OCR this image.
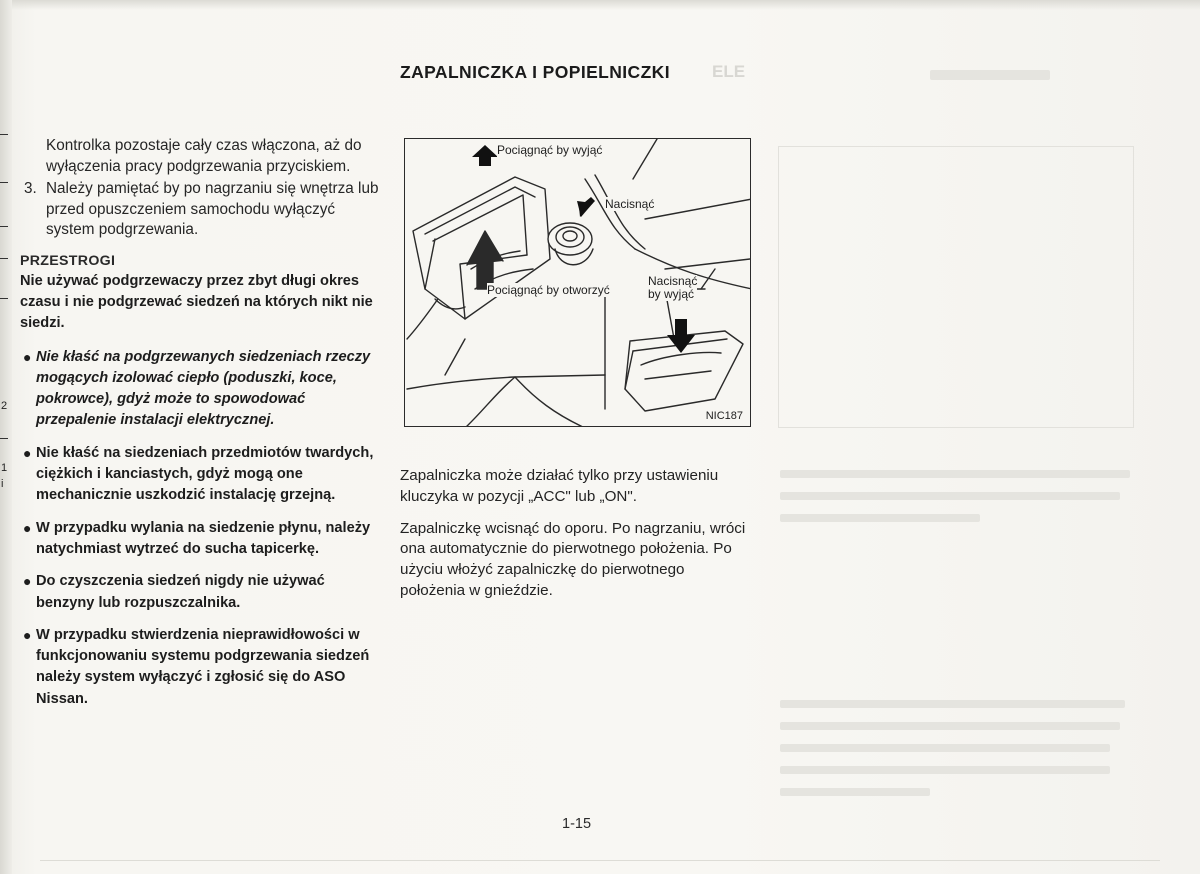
2
1
i
ELE

Kontrolka pozostaje cały czas włączona, aż do wyłączenia pracy podgrzewania przyciskiem.

3. Należy pamiętać by po nagrzaniu się wnętrza lub przed opuszczeniem samochodu wyłączyć system podgrzewania.
PRZESTROGI

Nie używać podgrzewaczy przez zbyt długi okres czasu i nie podgrzewać siedzeń na których nikt nie siedzi.

● Nie kłaść na podgrzewanych siedzeniach rzeczy mogących izolować ciepło (poduszki, koce, pokrowce), gdyż może to spowodować przepalenie instalacji elektrycznej.
● Nie kłaść na siedzeniach przedmiotów twardych, ciężkich i kanciastych, gdyż mogą one mechanicznie uszkodzić instalację grzejną.
● W przypadku wylania na siedzenie płynu, należy natychmiast wytrzeć do sucha tapicerkę.
● Do czyszczenia siedzeń nigdy nie używać benzyny lub rozpuszczalnika.
● W przypadku stwierdzenia nieprawidłowości w funkcjonowaniu systemu podgrzewania siedzeń należy system wyłączyć i zgłosić się do ASO Nissan.
ZAPALNICZKA I POPIELNICZKI
Pociągnąć by wyjąć
Nacisnąć
Pociągnąć by otworzyć
Nacisnąć
by wyjąć
NIC187

Zapalniczka może działać tylko przy ustawieniu kluczyka w pozycji „ACC" lub „ON".

Zapalniczkę wcisnąć do oporu. Po nagrzaniu, wróci ona automatycznie do pierwotnego położenia. Po użyciu włożyć zapalniczkę do pierwotnego położenia w gnieździe.

1-15
